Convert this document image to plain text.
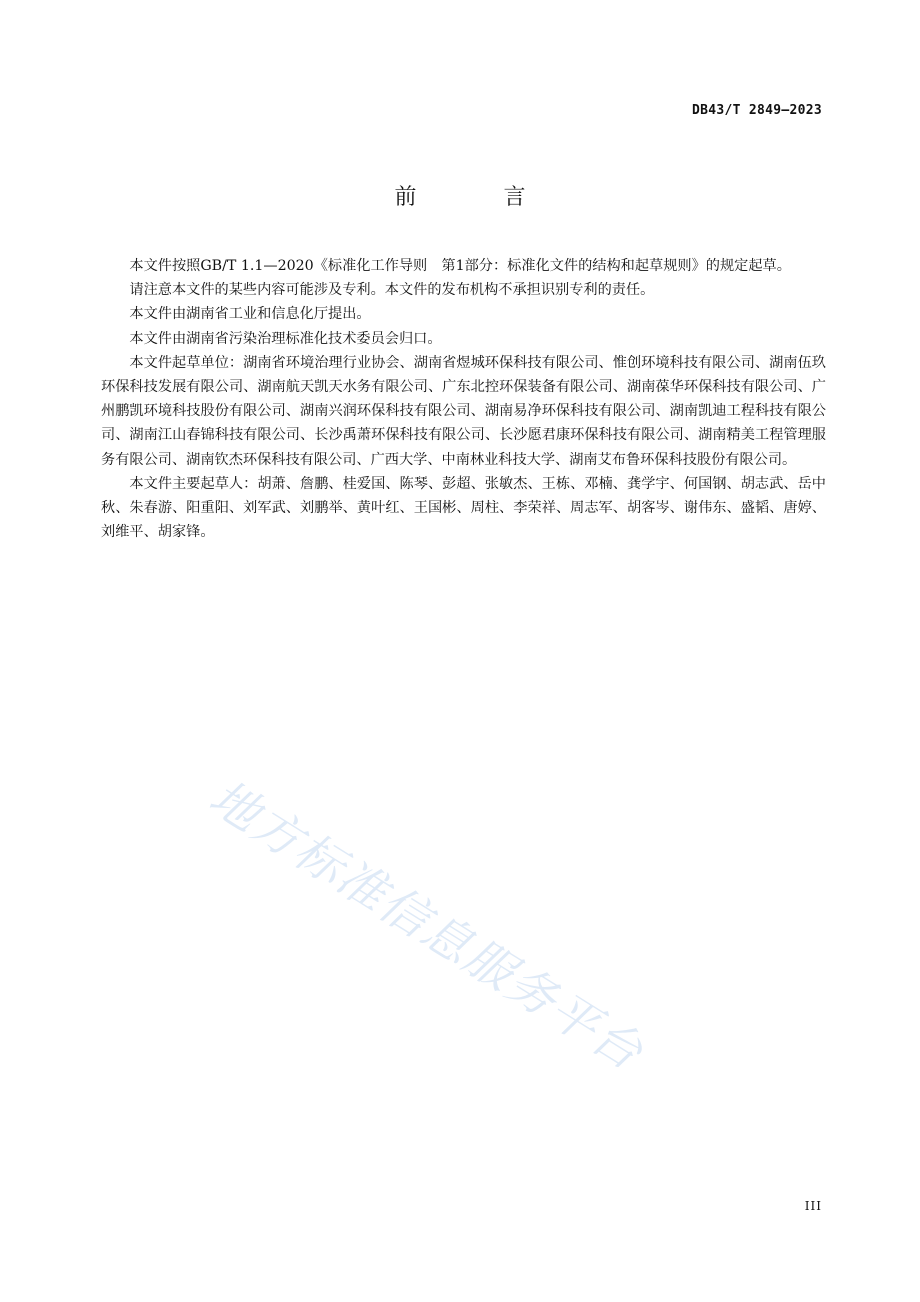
DB43/T 2849—2023
前 言

本文件按照GB/T 1.1—2020《标准化工作导则　第1部分：标准化文件的结构和起草规则》的规定起草。

请注意本文件的某些内容可能涉及专利。本文件的发布机构不承担识别专利的责任。

本文件由湖南省工业和信息化厅提出。

本文件由湖南省污染治理标准化技术委员会归口。

本文件起草单位：湖南省环境治理行业协会、湖南省煜城环保科技有限公司、惟创环境科技有限公司、湖南伍玖环保科技发展有限公司、湖南航天凯天水务有限公司、广东北控环保装备有限公司、湖南葆华环保科技有限公司、广州鹏凯环境科技股份有限公司、湖南兴润环保科技有限公司、湖南易净环保科技有限公司、湖南凯迪工程科技有限公司、湖南江山春锦科技有限公司、长沙禹萧环保科技有限公司、长沙愿君康环保科技有限公司、湖南精美工程管理服务有限公司、湖南钦杰环保科技有限公司、广西大学、中南林业科技大学、湖南艾布鲁环保科技股份有限公司。

本文件主要起草人：胡萧、詹鹏、桂爱国、陈琴、彭超、张敏杰、王栋、邓楠、龚学宇、何国钢、胡志武、岳中秋、朱春游、阳重阳、刘军武、刘鹏举、黄叶红、王国彬、周柱、李荣祥、周志军、胡客岑、谢伟东、盛韬、唐婷、刘维平、胡家锋。

地方标准信息服务平台
III
